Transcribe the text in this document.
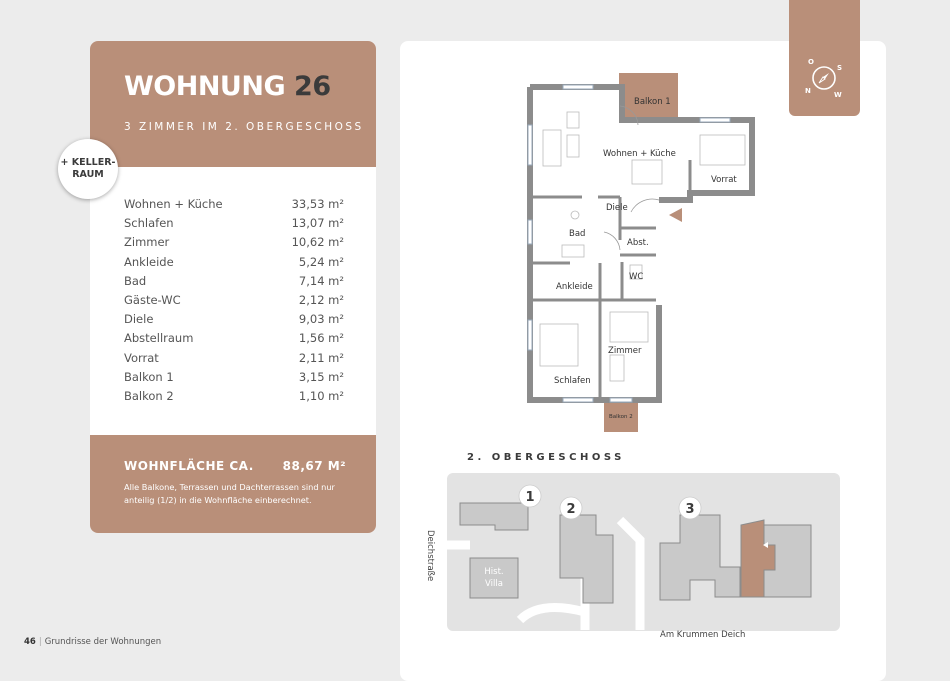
WOHNUNG 26
3 ZIMMER IM 2. OBERGESCHOSS
Wohnen + Küche	33,53 m²
Schlafen	13,07 m²
Zimmer	10,62 m²
Ankleide	5,24 m²
Bad	7,14 m²
Gäste-WC	2,12 m²
Diele	9,03 m²
Abstellraum	1,56 m²
Vorrat	2,11 m²
Balkon 1	3,15 m²
Balkon 2	1,10 m²
WOHNFLÄCHE CA. 88,67 M²
Alle Balkone, Terrassen und Dachterrassen sind nur anteilig (1/2) in die Wohnfläche einberechnet.
+ KELLER-
RAUM
O
S
N	W
Balkon 1
Wohnen + Küche
Vorrat
Diele
Bad
Abst.
WC
Ankleide
Zimmer
Schlafen
Balkon 2
2. OBERGESCHOSS
1
2	3
Hist.
Villa
Deichstraße
Am Krummen Deich
46 | Grundrisse der Wohnungen
